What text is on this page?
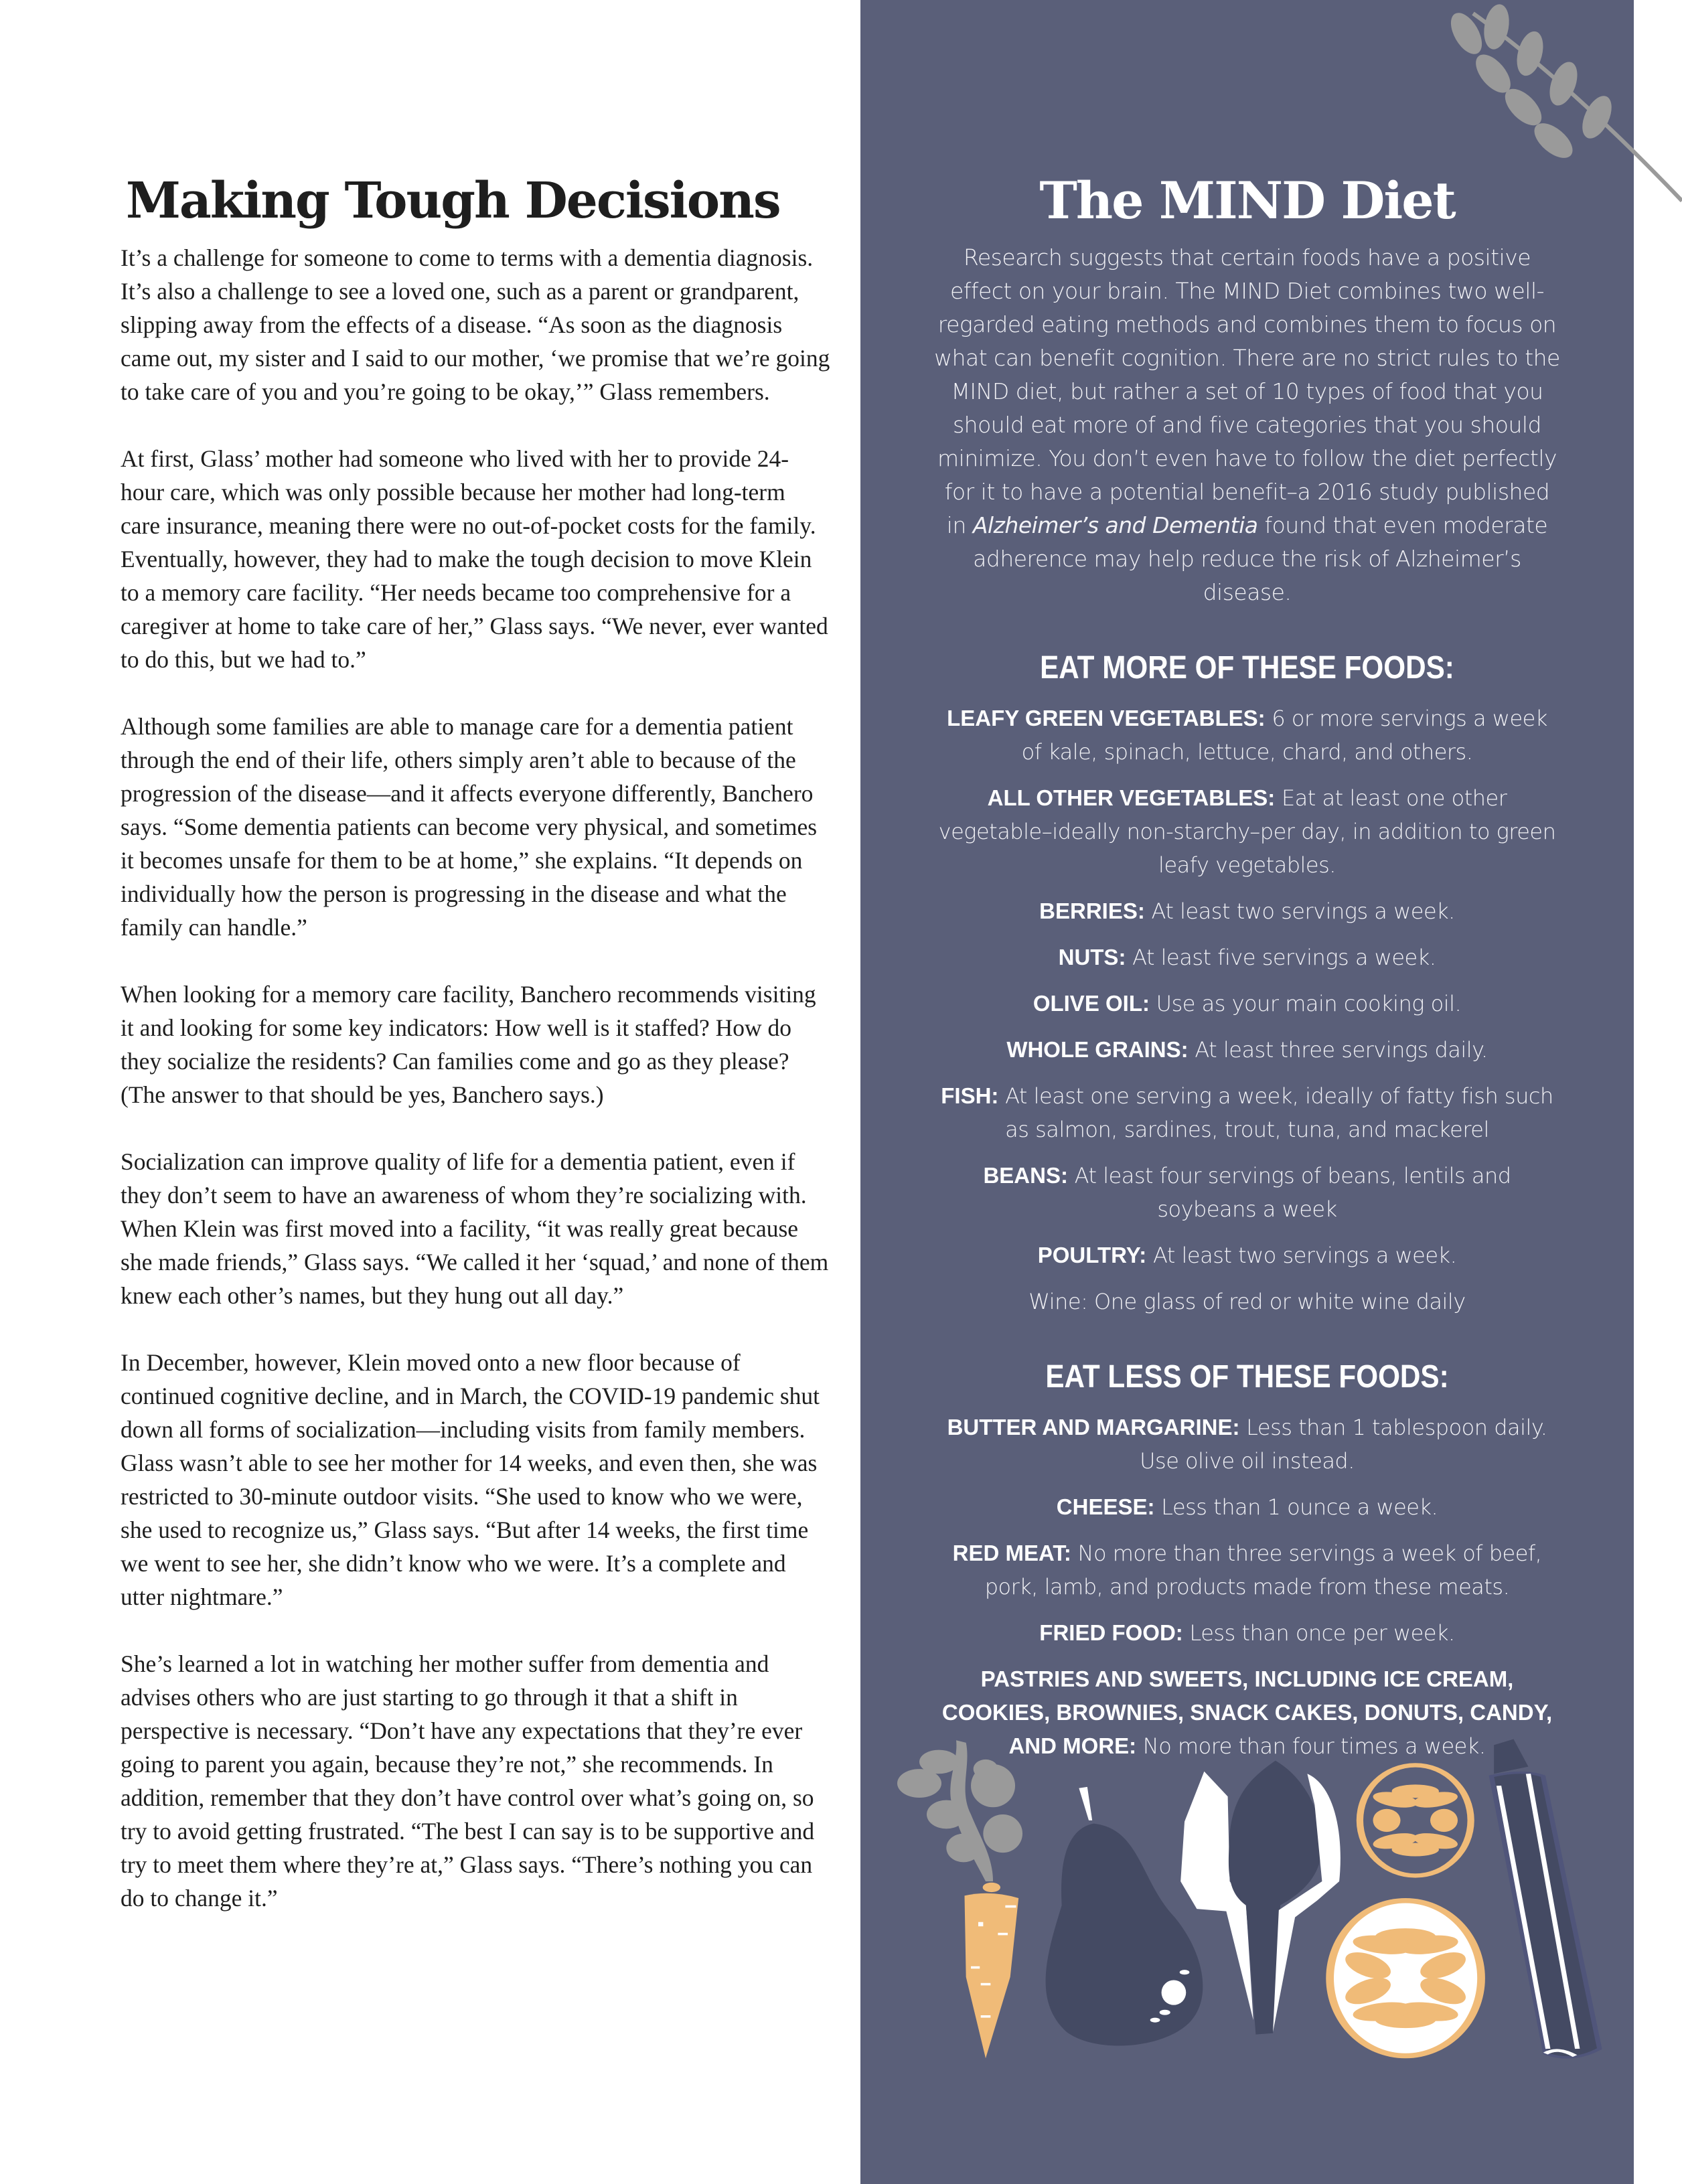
Making Tough Decisions

It’s a challenge for someone to come to terms with a dementia diagnosis. It’s also a challenge to see a loved one, such as a parent or grandparent, slipping away from the effects of a disease. “As soon as the diagnosis came out, my sister and I said to our mother, ‘we promise that we’re going to take care of you and you’re going to be okay,’” Glass remembers.

At first, Glass’ mother had someone who lived with her to provide 24-hour care, which was only possible because her mother had long-term care insurance, meaning there were no out-of-pocket costs for the family. Eventually, however, they had to make the tough decision to move Klein to a memory care facility. “Her needs became too comprehensive for a caregiver at home to take care of her,” Glass says. “We never, ever wanted to do this, but we had to.”

Although some families are able to manage care for a dementia patient through the end of their life, others simply aren’t able to because of the progression of the disease—and it affects everyone differently, Banchero says. “Some dementia patients can become very physical, and sometimes it becomes unsafe for them to be at home,” she explains. “It depends on individually how the person is progressing in the disease and what the family can handle.”

When looking for a memory care facility, Banchero recommends visiting it and looking for some key indicators: How well is it staffed? How do they socialize the residents? Can families come and go as they please? (The answer to that should be yes, Banchero says.)

Socialization can improve quality of life for a dementia patient, even if they don’t seem to have an awareness of whom they’re socializing with. When Klein was first moved into a facility, “it was really great because she made friends,” Glass says. “We called it her ‘squad,’ and none of them knew each other’s names, but they hung out all day.”

In December, however, Klein moved onto a new floor because of continued cognitive decline, and in March, the COVID-19 pandemic shut down all forms of socialization—including visits from family members. Glass wasn’t able to see her mother for 14 weeks, and even then, she was restricted to 30-minute outdoor visits. “She used to know who we were, she used to recognize us,” Glass says. “But after 14 weeks, the first time we went to see her, she didn’t know who we were. It’s a complete and utter nightmare.”

She’s learned a lot in watching her mother suffer from dementia and advises others who are just starting to go through it that a shift in perspective is necessary. “Don’t have any expectations that they’re ever going to parent you again, because they’re not,” she recommends. In addition, remember that they don’t have control over what’s going on, so try to avoid getting frustrated. “The best I can say is to be supportive and try to meet them where they’re at,” Glass says. “There’s nothing you can do to change it.”

The MIND Diet

Research suggests that certain foods have a positive effect on your brain. The MIND Diet combines two well-regarded eating methods and combines them to focus on what can benefit cognition. There are no strict rules to the MIND diet, but rather a set of 10 types of food that you should eat more of and five categories that you should minimize. You don’t even have to follow the diet perfectly for it to have a potential benefit–a 2016 study published in Alzheimer’s and Dementia found that even moderate adherence may help reduce the risk of Alzheimer’s disease.

EAT MORE OF THESE FOODS:

LEAFY GREEN VEGETABLES: 6 or more servings a week of kale, spinach, lettuce, chard, and others.

ALL OTHER VEGETABLES: Eat at least one other vegetable–ideally non-starchy–per day, in addition to green leafy vegetables.

BERRIES: At least two servings a week.

NUTS: At least five servings a week.

OLIVE OIL: Use as your main cooking oil.

WHOLE GRAINS: At least three servings daily.

FISH: At least one serving a week, ideally of fatty fish such as salmon, sardines, trout, tuna, and mackerel

BEANS: At least four servings of beans, lentils and soybeans a week

POULTRY: At least two servings a week.

Wine: One glass of red or white wine daily

EAT LESS OF THESE FOODS:

BUTTER AND MARGARINE: Less than 1 tablespoon daily. Use olive oil instead.

CHEESE: Less than 1 ounce a week.

RED MEAT: No more than three servings a week of beef, pork, lamb, and products made from these meats.

FRIED FOOD: Less than once per week.

PASTRIES AND SWEETS, INCLUDING ICE CREAM, COOKIES, BROWNIES, SNACK CAKES, DONUTS, CANDY, AND MORE: No more than four times a week.
